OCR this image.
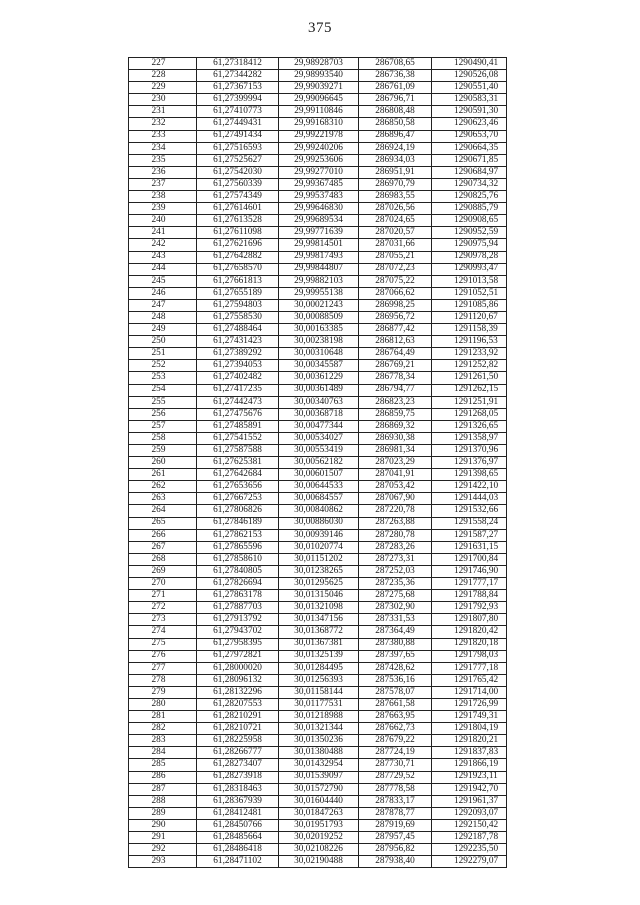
375
227	61,27318412	29,98928703	286708,65	1290490,41
228	61,27344282	29,98993540	286736,38	1290526,08
229	61,27367153	29,99039271	286761,09	1290551,40
230	61,27399994	29,99096645	286796,71	1290583,31
231	61,27410773	29,99110846	286808,48	1290591,30
232	61,27449431	29,99168310	286850,58	1290623,46
233	61,27491434	29,99221978	286896,47	1290653,70
234	61,27516593	29,99240206	286924,19	1290664,35
235	61,27525627	29,99253606	286934,03	1290671,85
236	61,27542030	29,99277010	286951,91	1290684,97
237	61,27560339	29,99367485	286970,79	1290734,32
238	61,27574349	29,99537483	286983,55	1290825,76
239	61,27614601	29,99646830	287026,56	1290885,79
240	61,27613528	29,99689534	287024,65	1290908,65
241	61,27611098	29,99771639	287020,57	1290952,59
242	61,27621696	29,99814501	287031,66	1290975,94
243	61,27642882	29,99817493	287055,21	1290978,28
244	61,27658570	29,99844807	287072,23	1290993,47
245	61,27661813	29,99882103	287075,22	1291013,58
246	61,27655189	29,99955138	287066,62	1291052,51
247	61,27594803	30,00021243	286998,25	1291085,86
248	61,27558530	30,00088509	286956,72	1291120,67
249	61,27488464	30,00163385	286877,42	1291158,39
250	61,27431423	30,00238198	286812,63	1291196,53
251	61,27389292	30,00310648	286764,49	1291233,92
252	61,27394053	30,00345587	286769,21	1291252,82
253	61,27402482	30,00361229	286778,34	1291261,50
254	61,27417235	30,00361489	286794,77	1291262,15
255	61,27442473	30,00340763	286823,23	1291251,91
256	61,27475676	30,00368718	286859,75	1291268,05
257	61,27485891	30,00477344	286869,32	1291326,65
258	61,27541552	30,00534027	286930,38	1291358,97
259	61,27587588	30,00553419	286981,34	1291370,96
260	61,27625381	30,00562182	287023,29	1291376,97
261	61,27642684	30,00601507	287041,91	1291398,65
262	61,27653656	30,00644533	287053,42	1291422,10
263	61,27667253	30,00684557	287067,90	1291444,03
264	61,27806826	30,00840862	287220,78	1291532,66
265	61,27846189	30,00886030	287263,88	1291558,24
266	61,27862153	30,00939146	287280,78	1291587,27
267	61,27865596	30,01020774	287283,26	1291631,15
268	61,27858610	30,01151202	287273,31	1291700,84
269	61,27840805	30,01238265	287252,03	1291746,90
270	61,27826694	30,01295625	287235,36	1291777,17
271	61,27863178	30,01315046	287275,68	1291788,84
272	61,27887703	30,01321098	287302,90	1291792,93
273	61,27913792	30,01347156	287331,53	1291807,80
274	61,27943702	30,01368772	287364,49	1291820,42
275	61,27958395	30,01367381	287380,88	1291820,18
276	61,27972821	30,01325139	287397,65	1291798,03
277	61,28000020	30,01284495	287428,62	1291777,18
278	61,28096132	30,01256393	287536,16	1291765,42
279	61,28132296	30,01158144	287578,07	1291714,00
280	61,28207553	30,01177531	287661,58	1291726,99
281	61,28210291	30,01218988	287663,95	1291749,31
282	61,28210721	30,01321344	287662,73	1291804,19
283	61,28225958	30,01350236	287679,22	1291820,21
284	61,28266777	30,01380488	287724,19	1291837,83
285	61,28273407	30,01432954	287730,71	1291866,19
286	61,28273918	30,01539097	287729,52	1291923,11
287	61,28318463	30,01572790	287778,58	1291942,70
288	61,28367939	30,01604440	287833,17	1291961,37
289	61,28412481	30,01847263	287878,77	1292093,07
290	61,28450766	30,01951793	287919,69	1292150,42
291	61,28485664	30,02019252	287957,45	1292187,78
292	61,28486418	30,02108226	287956,82	1292235,50
293	61,28471102	30,02190488	287938,40	1292279,07
